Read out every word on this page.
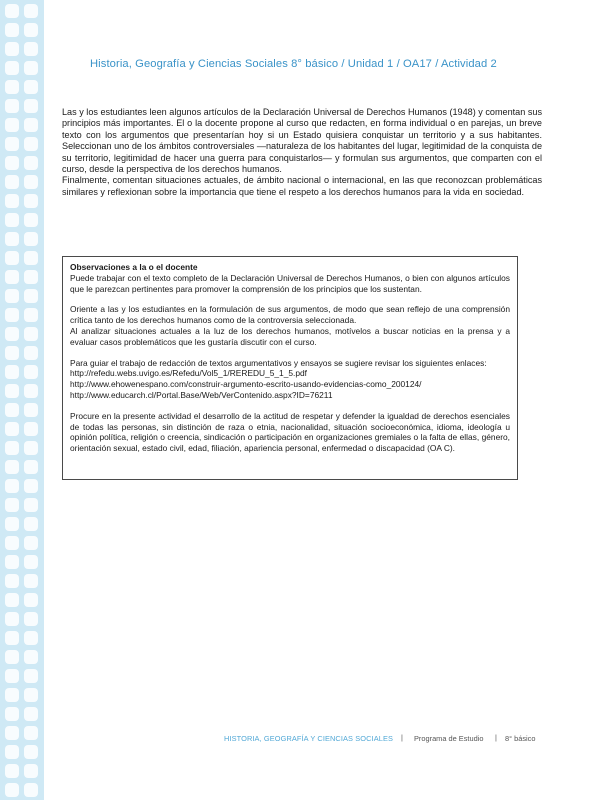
Historia, Geografía y Ciencias Sociales 8° básico / Unidad 1 / OA17 / Actividad 2

Las y los estudiantes leen algunos artículos de la Declaración Universal de Derechos Humanos (1948) y comentan sus principios más importantes. El o la docente propone al curso que redacten, en forma individual o en parejas, un breve texto con los argumentos que presentarían hoy si un Estado quisiera conquistar un territorio y a sus habitantes. Seleccionan uno de los ámbitos controversiales —naturaleza de los habitantes del lugar, legitimidad de la conquista de su territorio, legitimidad de hacer una guerra para conquistarlos— y formulan sus argumentos, que comparten con el curso, desde la perspectiva de los derechos humanos.

Finalmente, comentan situaciones actuales, de ámbito nacional o internacional, en las que reconozcan problemáticas similares y reflexionan sobre la importancia que tiene el respeto a los derechos humanos para la vida en sociedad.

Observaciones a la o el docente

Puede trabajar con el texto completo de la Declaración Universal de Derechos Humanos, o bien con algunos artículos que le parezcan pertinentes para promover la comprensión de los principios que los sustentan.

Oriente a las y los estudiantes en la formulación de sus argumentos, de modo que sean reflejo de una comprensión crítica tanto de los derechos humanos como de la controversia seleccionada.

Al analizar situaciones actuales a la luz de los derechos humanos, motívelos a buscar noticias en la prensa y a evaluar casos problemáticos que les gustaría discutir con el curso.

Para guiar el trabajo de redacción de textos argumentativos y ensayos se sugiere revisar los siguientes enlaces:

http://refedu.webs.uvigo.es/Refedu/Vol5_1/REREDU_5_1_5.pdf

http://www.ehowenespano.com/construir-argumento-escrito-usando-evidencias-como_200124/

http://www.educarch.cl/Portal.Base/Web/VerContenido.aspx?ID=76211

Procure en la presente actividad el desarrollo de la actitud de respetar y defender la igualdad de derechos esenciales de todas las personas, sin distinción de raza o etnia, nacionalidad, situación socioeconómica, idioma, ideología u opinión política, religión o creencia, sindicación o participación en organizaciones gremiales o la falta de ellas, género, orientación sexual, estado civil, edad, filiación, apariencia personal, enfermedad o discapacidad (OA C).

HISTORIA, GEOGRAFÍA Y CIENCIAS SOCIALES | Programa de Estudio | 8° básico
